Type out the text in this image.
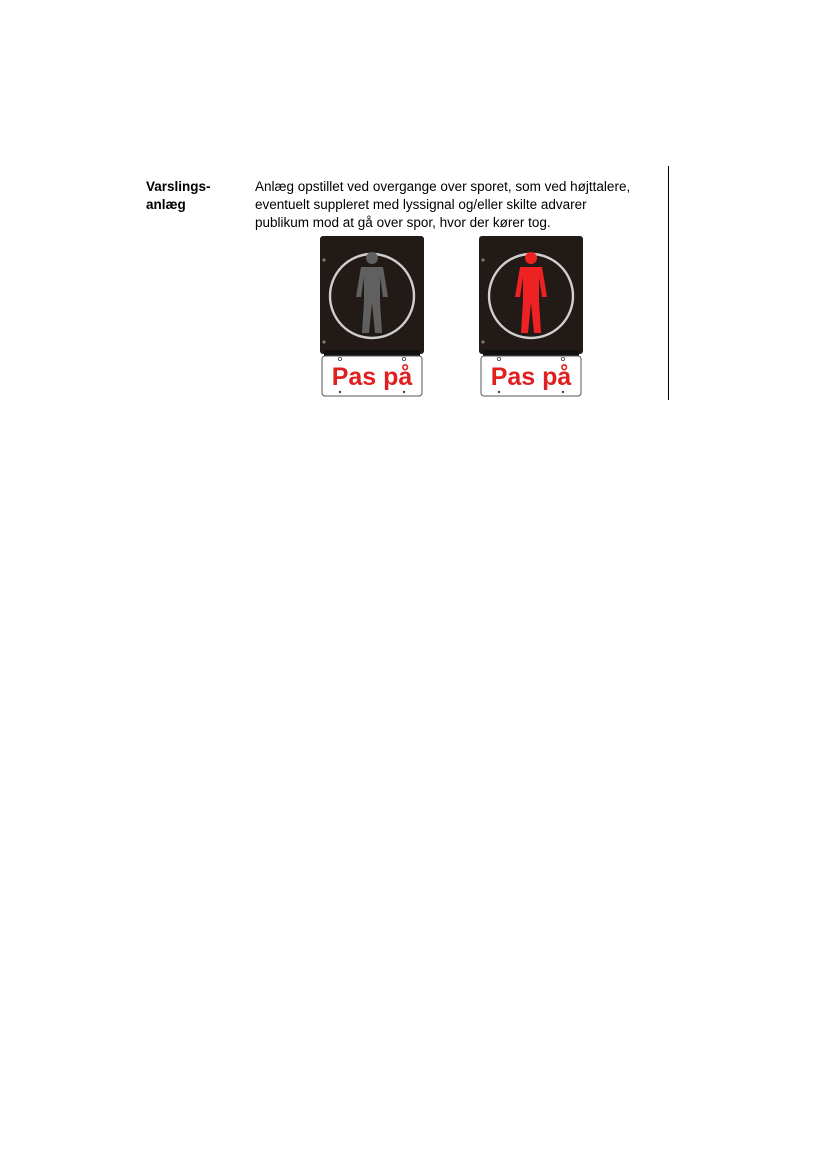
Varslings-
anlæg
Anlæg opstillet ved overgange over sporet, som ved højttalere,
eventuelt suppleret med lyssignal og/eller skilte advarer
publikum mod at gå over spor, hvor der kører tog.
Pas på	Pas på
